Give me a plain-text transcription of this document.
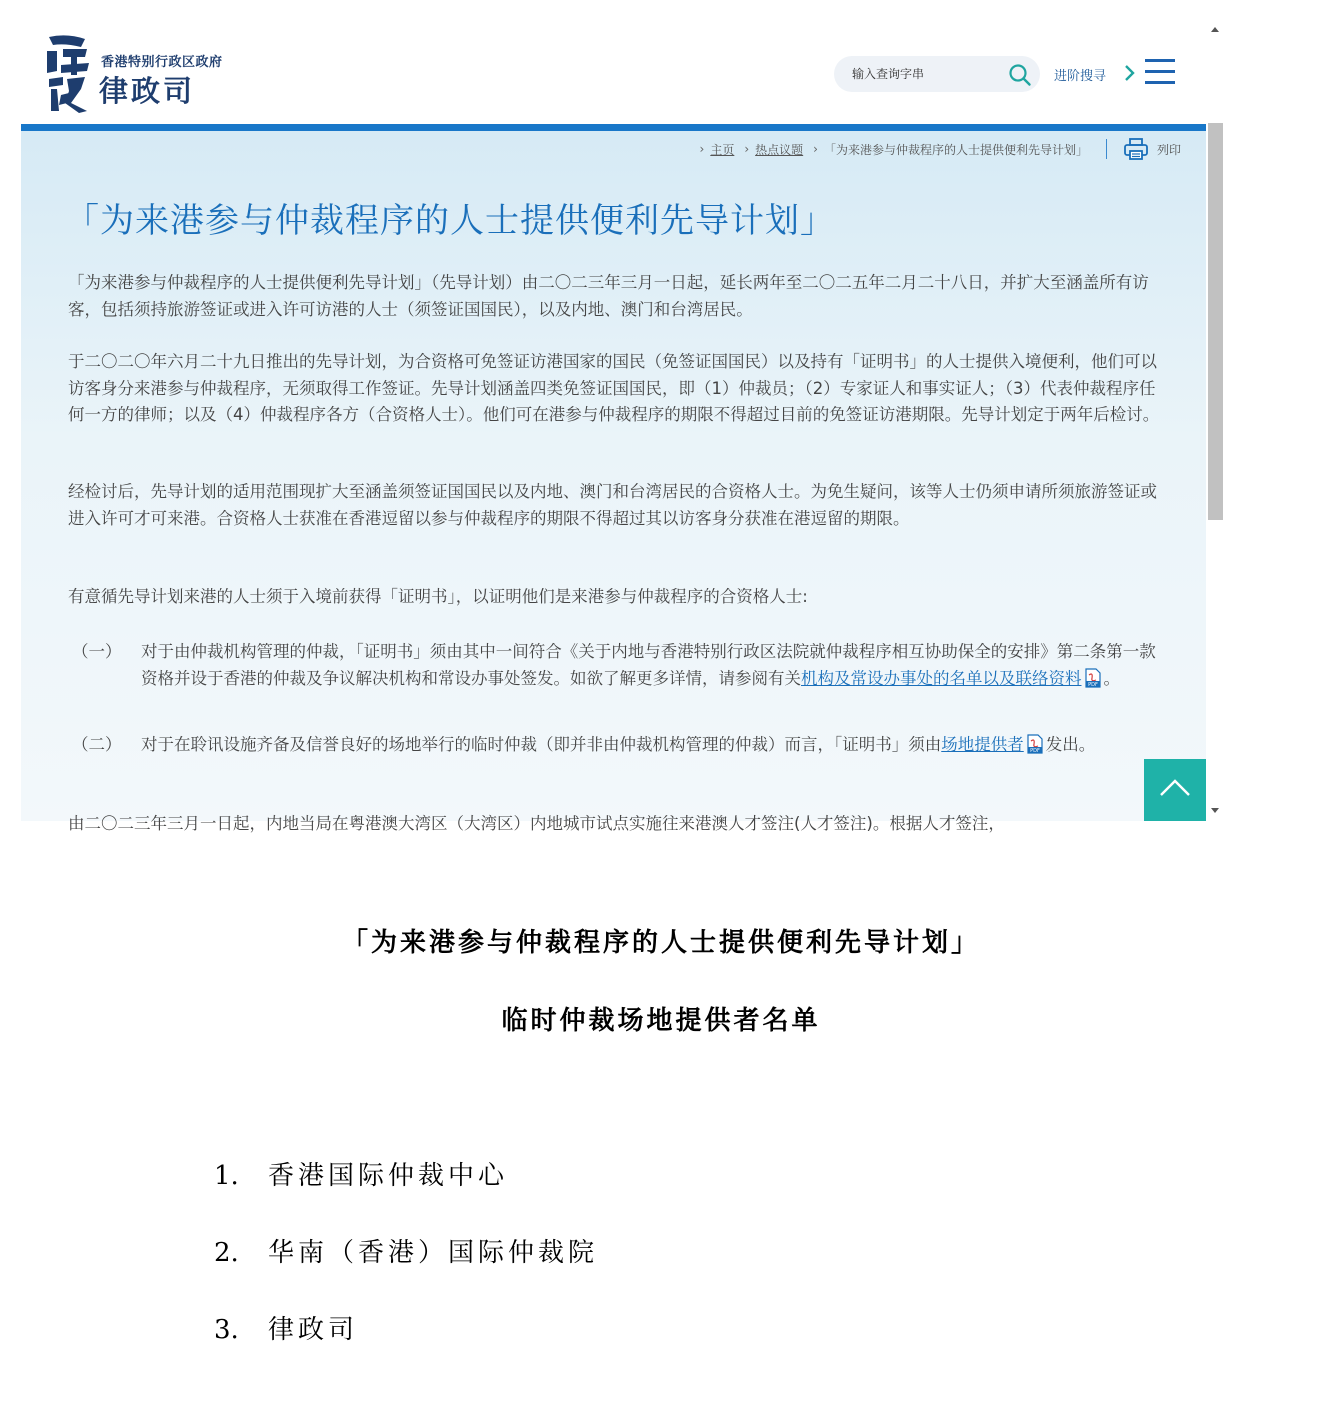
香港特别行政区政府
律政司
输入查询字串	进阶搜寻
› 主页 › 热点议题 › 「为来港参与仲裁程序的人士提供便利先导计划」	列印
「为来港参与仲裁程序的人士提供便利先导计划」
「为来港参与仲裁程序的人士提供便利先导计划」（先导计划）由二〇二三年三月一日起，延长两年至二〇二五年二月二十八日，并扩大至涵盖所有访客，包括须持旅游签证或进入许可访港的人士（须签证国国民），以及内地、澳门和台湾居民。
于二〇二〇年六月二十九日推出的先导计划，为合资格可免签证访港国家的国民（免签证国国民）以及持有「证明书」的人士提供入境便利，他们可以访客身分来港参与仲裁程序，无须取得工作签证。先导计划涵盖四类免签证国国民，即（1）仲裁员；（2）专家证人和事实证人；（3）代表仲裁程序任何一方的律师；以及（4）仲裁程序各方（合资格人士）。他们可在港参与仲裁程序的期限不得超过目前的免签证访港期限。先导计划定于两年后检讨。
经检讨后，先导计划的适用范围现扩大至涵盖须签证国国民以及内地、澳门和台湾居民的合资格人士。为免生疑问，该等人士仍须申请所须旅游签证或进入许可才可来港。合资格人士获准在香港逗留以参与仲裁程序的期限不得超过其以访客身分获准在港逗留的期限。
有意循先导计划来港的人士须于入境前获得「证明书」，以证明他们是来港参与仲裁程序的合资格人士:
（一） 对于由仲裁机构管理的仲裁，「证明书」须由其中一间符合《关于内地与香港特别行政区法院就仲裁程序相互协助保全的安排》第二条第一款资格并设于香港的仲裁及争议解决机构和常设办事处签发。如欲了解更多详情，请参阅有关机构及常设办事处的名单以及联络资料 PDF 。
（二） 对于在聆讯设施齐备及信誉良好的场地举行的临时仲裁（即并非由仲裁机构管理的仲裁）而言，「证明书」须由场地提供者 PDF 发出。
由二〇二三年三月一日起，内地当局在粤港澳大湾区（大湾区）内地城市试点实施往来港澳人才签注(人才签注)。根据人才签注，
「为来港参与仲裁程序的人士提供便利先导计划」
临时仲裁场地提供者名单
1. 香港国际仲裁中心
2. 华南（香港）国际仲裁院
3. 律政司
